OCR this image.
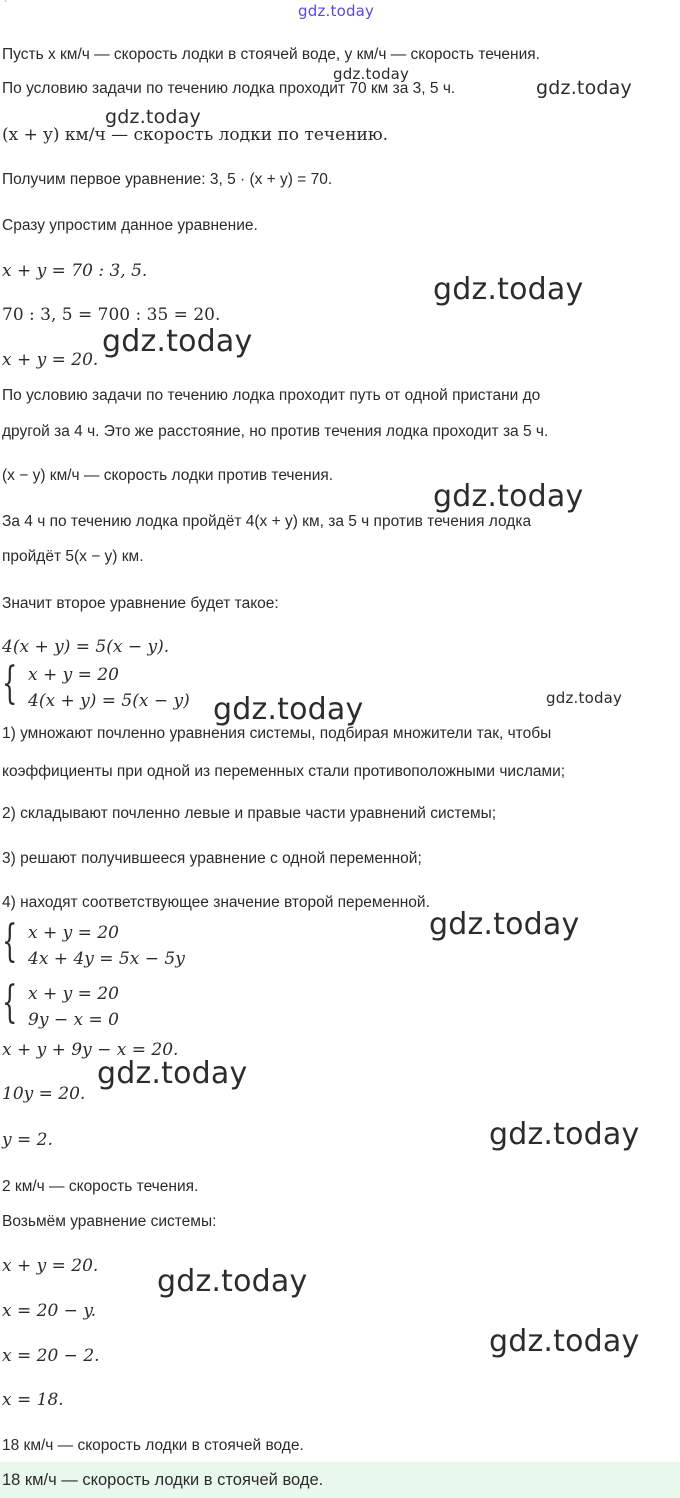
ˋ	gdz.today
Пусть x км/ч — скорость лодки в стоячей воде, y км/ч — скорость течения.
По условию задачи по течению лодка проходит 70 км за 3, 5 ч.
(x + y) км/ч — скорость лодки по течению.
Получим первое уравнение: 3, 5 · (x + y) = 70.
Сразу упростим данное уравнение.
x + y = 70 : 3, 5.
70 : 3, 5 = 700 : 35 = 20.
x + y = 20.
По условию задачи по течению лодка проходит путь от одной пристани до
другой за 4 ч. Это же расстояние, но против течения лодка проходит за 5 ч.
(x − y) км/ч — скорость лодки против течения.
За 4 ч по течению лодка пройдёт 4(x + y) км, за 5 ч против течения лодка
пройдёт 5(x − y) км.
Значит второе уравнение будет такое:
4(x + y) = 5(x − y).
{ x + y = 20
4(x + y) = 5(x − y)
1) умножают почленно уравнения системы, подбирая множители так, чтобы
коэффициенты при одной из переменных стали противоположными числами;
2) складывают почленно левые и правые части уравнений системы;
3) решают получившееся уравнение с одной переменной;
4) находят соответствующее значение второй переменной.
{ x + y = 20
4x + 4y = 5x − 5y
{ x + y = 20
9y − x = 0
x + y + 9y − x = 20.
10y = 20.
y = 2.
2 км/ч — скорость течения.
Возьмём уравнение системы:
x + y = 20.
x = 20 − y.
x = 20 − 2.
x = 18.
18 км/ч — скорость лодки в стоячей воде.
18 км/ч — скорость лодки в стоячей воде.
gdz.today
gdz.today
gdz.today
gdz.today
gdz.today
gdz.today
gdz.today
gdz.today
gdz.today
gdz.today
gdz.today
gdz.today
gdz.today
